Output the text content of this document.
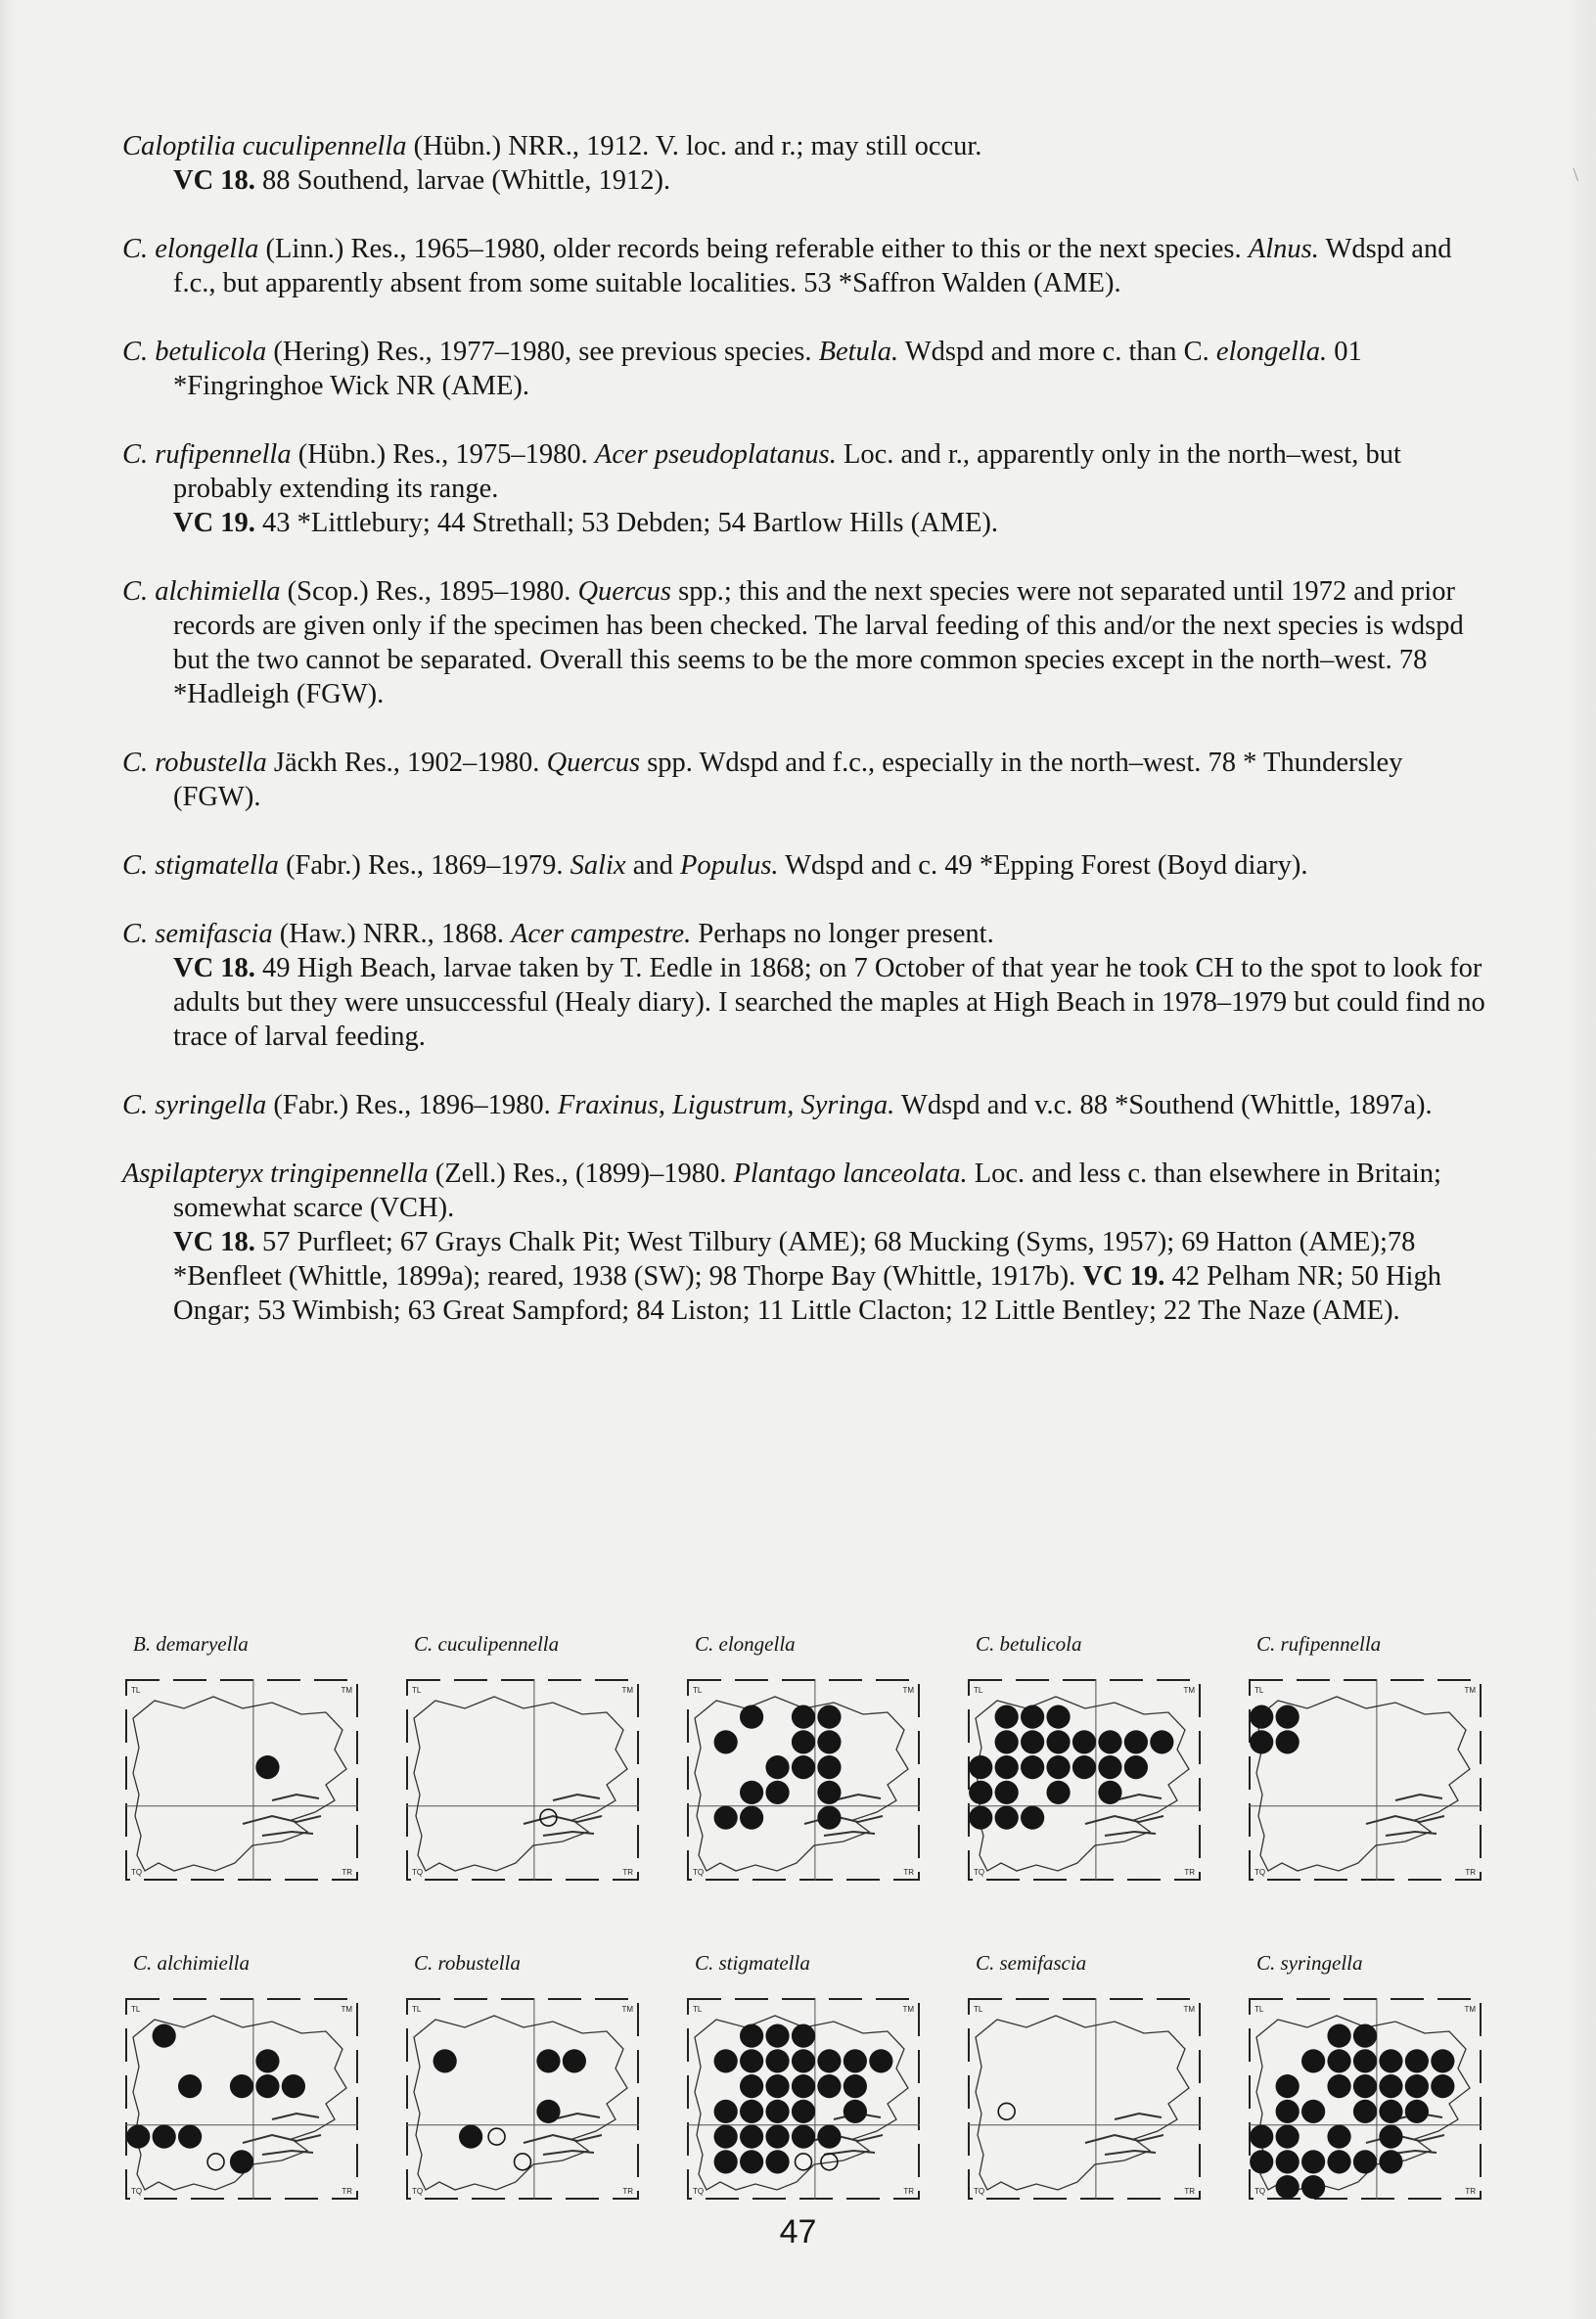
Caloptilia cuculipennella (Hübn.) NRR., 1912. V. loc. and r.; may still occur.
VC 18. 88 Southend, larvae (Whittle, 1912).
C. elongella (Linn.) Res., 1965–1980, older records being referable either to this or the next species. Alnus. Wdspd and f.c., but apparently absent from some suitable localities. 53 *Saffron Walden (AME).
C. betulicola (Hering) Res., 1977–1980, see previous species. Betula. Wdspd and more c. than C. elongella. 01 *Fingringhoe Wick NR (AME).
C. rufipennella (Hübn.) Res., 1975–1980. Acer pseudoplatanus. Loc. and r., apparently only in the north–west, but probably extending its range.
VC 19. 43 *Littlebury; 44 Strethall; 53 Debden; 54 Bartlow Hills (AME).
C. alchimiella (Scop.) Res., 1895–1980. Quercus spp.; this and the next species were not separated until 1972 and prior records are given only if the specimen has been checked. The larval feeding of this and/or the next species is wdspd but the two cannot be separated. Overall this seems to be the more common species except in the north–west. 78 *Hadleigh (FGW).
C. robustella Jäckh Res., 1902–1980. Quercus spp. Wdspd and f.c., especially in the north–west. 78 * Thundersley (FGW).
C. stigmatella (Fabr.) Res., 1869–1979. Salix and Populus. Wdspd and c. 49 *Epping Forest (Boyd diary).
C. semifascia (Haw.) NRR., 1868. Acer campestre. Perhaps no longer present.
VC 18. 49 High Beach, larvae taken by T. Eedle in 1868; on 7 October of that year he took CH to the spot to look for adults but they were unsuccessful (Healy diary). I searched the maples at High Beach in 1978–1979 but could find no trace of larval feeding.
C. syringella (Fabr.) Res., 1896–1980. Fraxinus, Ligustrum, Syringa. Wdspd and v.c. 88 *Southend (Whittle, 1897a).
Aspilapteryx tringipennella (Zell.) Res., (1899)–1980. Plantago lanceolata. Loc. and less c. than elsewhere in Britain; somewhat scarce (VCH).
VC 18. 57 Purfleet; 67 Grays Chalk Pit; West Tilbury (AME); 68 Mucking (Syms, 1957); 69 Hatton (AME);78 *Benfleet (Whittle, 1899a); reared, 1938 (SW); 98 Thorpe Bay (Whittle, 1917b). VC 19. 42 Pelham NR; 50 High Ongar; 53 Wimbish; 63 Great Sampford; 84 Liston; 11 Little Clacton; 12 Little Bentley; 22 The Naze (AME).
B. demaryella
TL	TM
TQ	TR
C. cuculipennella
TL	TM
TQ	TR
C. elongella
TL	TM
TQ	TR
C. betulicola
TL	TM
TQ	TR
C. rufipennella
TL	TM
TQ	TR
C. alchimiella
TL	TM
TQ	TR
C. robustella
TL	TM
TQ	TR
C. stigmatella
TL	TM
TQ	TR
C. semifascia
TL	TM
TQ	TR
C. syringella
TL	TM
TQ	TR
47
\
